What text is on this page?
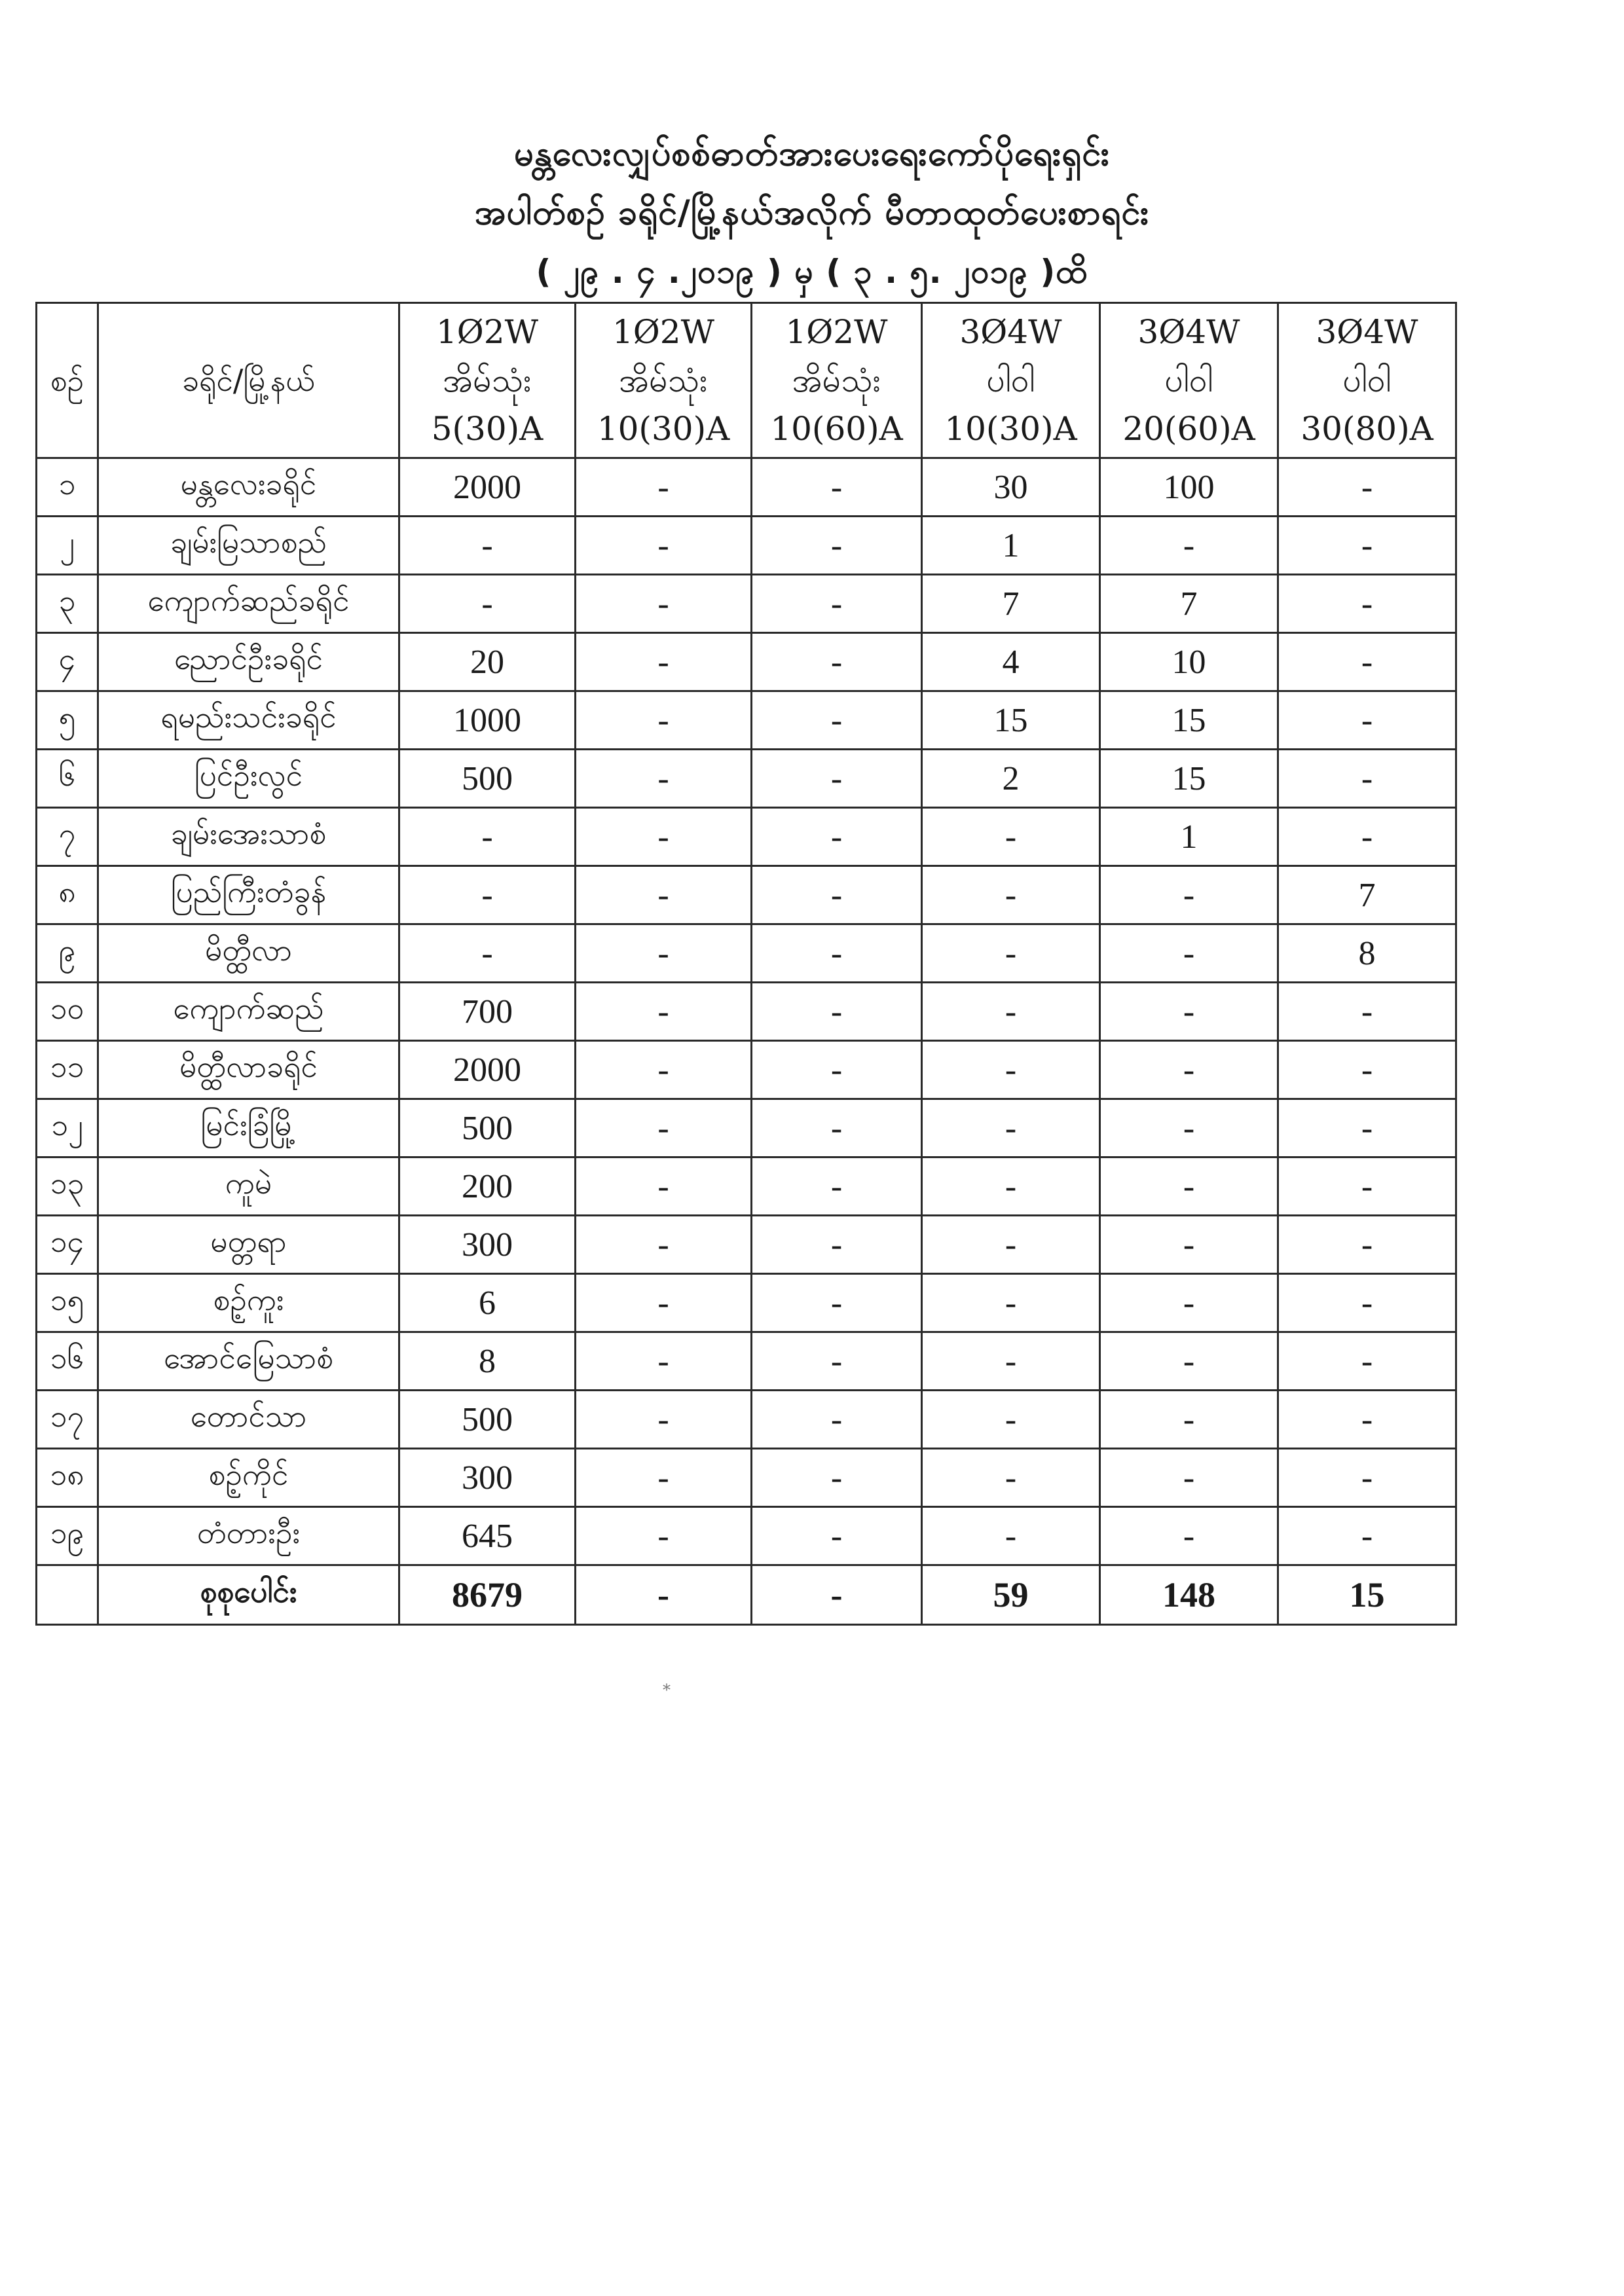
မန္တလေးလျှပ်စစ်ဓာတ်အားပေးရေးကော်ပိုရေးရှင်း
အပါတ်စဉ် ခရိုင်/မြို့နယ်အလိုက် မီတာထုတ်ပေးစာရင်း
( ၂၉ . ၄ .၂၀၁၉ ) မှ ( ၃ . ၅. ၂၀၁၉ )ထိ
စဉ်	ခရိုင်/မြို့နယ်	1Ø2W
အိမ်သုံး
5(30)A	1Ø2W
အိမ်သုံး
10(30)A	1Ø2W
အိမ်သုံး
10(60)A	3Ø4W
ပါဝါ
10(30)A	3Ø4W
ပါဝါ
20(60)A	3Ø4W
ပါဝါ
30(80)A

၁	မန္တလေးခရိုင်	2000	-	-	30	100	-
၂	ချမ်းမြသာစည်	-	-	-	1	-	-
၃	ကျောက်ဆည်ခရိုင်	-	-	-	7	7	-
၄	ညောင်ဦးခရိုင်	20	-	-	4	10	-
၅	ရမည်းသင်းခရိုင်	1000	-	-	15	15	-
၆	ပြင်ဦးလွင်	500	-	-	2	15	-
၇	ချမ်းအေးသာစံ	-	-	-	-	1	-
၈	ပြည်ကြီးတံခွန်	-	-	-	-	-	7
၉	မိတ္ထီလာ	-	-	-	-	-	8
၁၀	ကျောက်ဆည်	700	-	-	-	-	-
၁၁	မိတ္ထီလာခရိုင်	2000	-	-	-	-	-
၁၂	မြင်းခြံမြို့	500	-	-	-	-	-
၁၃	ကူမဲ	200	-	-	-	-	-
၁၄	မတ္တရာ	300	-	-	-	-	-
၁၅	စဉ့်ကူး	6	-	-	-	-	-
၁၆	အောင်မြေသာစံ	8	-	-	-	-	-
၁၇	တောင်သာ	500	-	-	-	-	-
၁၈	စဉ့်ကိုင်	300	-	-	-	-	-
၁၉	တံတားဦး	645	-	-	-	-	-
	စုစုပေါင်း	8679	-	-	59	148	15
⁎
